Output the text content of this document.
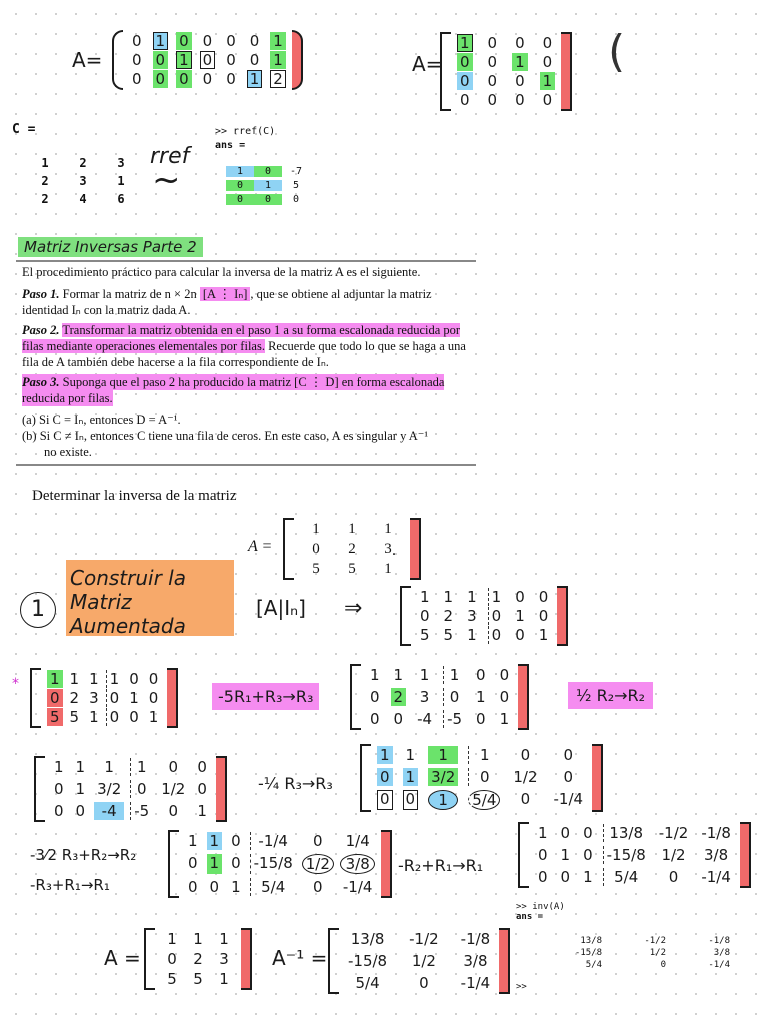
A=
0 1 0 0 0 0 1
0 0 1 0 0 0 1
0 0 0 0 0 1 2
A=
1 0 0 0
0 0 1 0
0 0 0 1
0 0 0 0
(
C =
1	2	3
2	3	1
2	4	6
>> rref(C)
ans =
1	0	-7
0	1	5
0	0	0
rref
~
Matriz Inversas Parte 2
El procedimiento práctico para calcular la inversa de la matriz A es el siguiente.
Paso 1. Formar la matriz de n × 2n [A ⋮ Iₙ] , que se obtiene al adjuntar la matriz identidad Iₙ con la matriz dada A.
Paso 2. Transformar la matriz obtenida en el paso 1 a su forma escalonada reducida por filas mediante operaciones elementales por filas. Recuerde que todo lo que se haga a una fila de A también debe hacerse a la fila correspondiente de Iₙ.
Paso 3. Suponga que el paso 2 ha producido la matriz [C ⋮ D] en forma escalonada reducida por filas.
(a) Si C = Iₙ, entonces D = A⁻¹.
(b) Si C ≠ Iₙ, entonces C tiene una fila de ceros. En este caso, A es singular y A⁻¹
no existe.
Determinar la inversa de la matriz
A =
1	1	1
0	2	3
5	5	1
.
1
Construir la
Matriz Aumentada
[A|Iₙ] ⇒	1 1 1 1 0 0
0 2 3 0 1 0
5 5 1 0 0 1
* 1 1 1 1 0 0
0 2 3 0 1 0
5 5 1 0 0 1
-5R₁+R₃→R₃
1 1	1	1	0 0
0 2	3	0	1 0
0 0 -4 -5 0 1
½ R₂→R₂
1 1	1	1	0	0
0 1 3/2	0 1/2 0
0 0	-4	-5	0	1
-¼ R₃→R₃
1 1	1	1	0	0
0 1 3/2	0	1/2	0
0 0	1	5/4	0	-1/4
-3⁄2 R₃+R₂→R₂
-R₃+R₁→R₁
1 1 0	-1/4	0	1/4
0 1 0 -15/8 1/2	3/8
0 0 1	5/4	0	-1/4
-R₂+R₁→R₁
1 0 0	13/8	-1/2 -1/8
0 1 0 -15/8	1/2	3/8
0 0 1	5/4	0	-1/4
A =
1	1	1
0	2	3
5	5	1
A⁻¹ =
13/8	-1/2 -1/8
-15/8	1/2	3/8
5/4	0	-1/4
>> inv(A)
ans =
13/8	-1/2	-1/8
-15/8	1/2	3/8
5/4	0	-1/4
>>
